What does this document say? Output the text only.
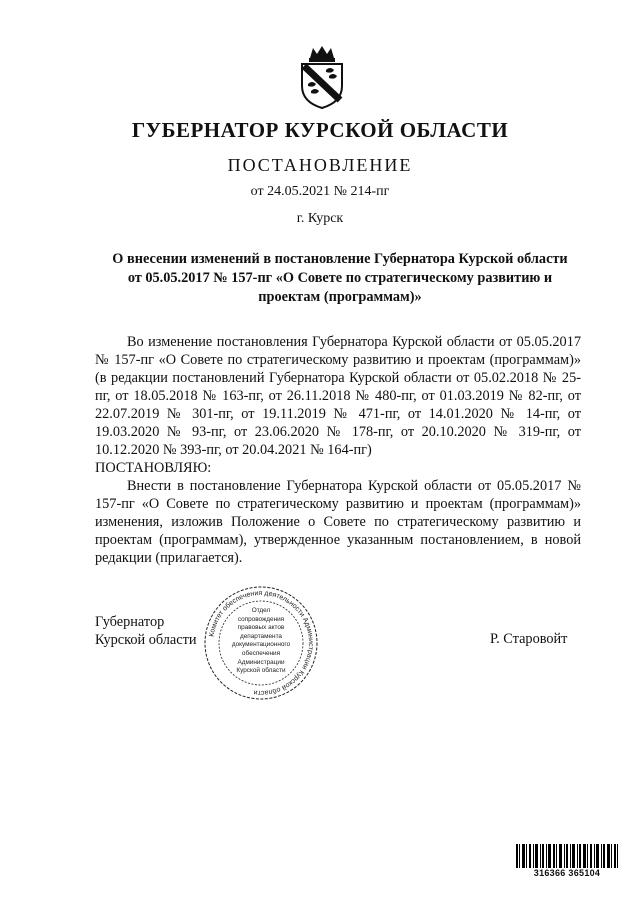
ГУБЕРНАТОР КУРСКОЙ ОБЛАСТИ
ПОСТАНОВЛЕНИЕ
от 24.05.2021 № 214-пг
г. Курск
О внесении изменений в постановление Губернатора Курской области
от 05.05.2017 № 157-пг «О Совете по стратегическому развитию и
проектам (программам)»
Во изменение постановления Губернатора Курской области от 05.05.2017 № 157-пг «О Совете по стратегическому развитию и проектам (программам)» (в редакции постановлений Губернатора Курской области от 05.02.2018 № 25-пг, от 18.05.2018 № 163-пг, от 26.11.2018 № 480-пг, от 01.03.2019 № 82-пг, от 22.07.2019 № 301-пг, от 19.11.2019 № 471-пг, от 14.01.2020 № 14-пг, от 19.03.2020 № 93-пг, от 23.06.2020 № 178-пг, от 20.10.2020 № 319-пг, от 10.12.2020 № 393-пг, от 20.04.2021 № 164-пг)
ПОСТАНОВЛЯЮ:
Внести в постановление Губернатора Курской области от 05.05.2017 № 157-пг «О Совете по стратегическому развитию и проектам (программам)» изменения, изложив Положение о Совете по стратегическому развитию и проектам (программам), утвержденное указанным постановлением, в новой редакции (прилагается).
Губернатор
Курской области	Р. Старовойт
Комитет обеспечения деятельности Администрации Курской области
Отдел
сопровождения
правовых актов
департамента
документационного
обеспечения
Администрации
Курской области
316366 365104
